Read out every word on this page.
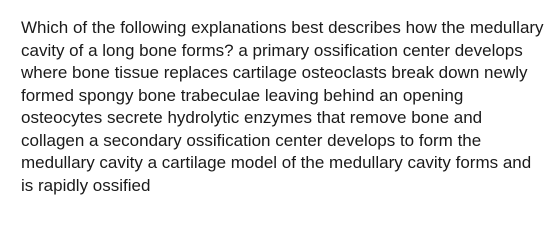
Which of the following explanations best describes how the medullary cavity of a long bone forms? a primary ossification center develops where bone tissue replaces cartilage osteoclasts break down newly formed spongy bone trabeculae leaving behind an opening osteocytes secrete hydrolytic enzymes that remove bone and collagen a secondary ossification center develops to form the medullary cavity a cartilage model of the medullary cavity forms and is rapidly ossified
